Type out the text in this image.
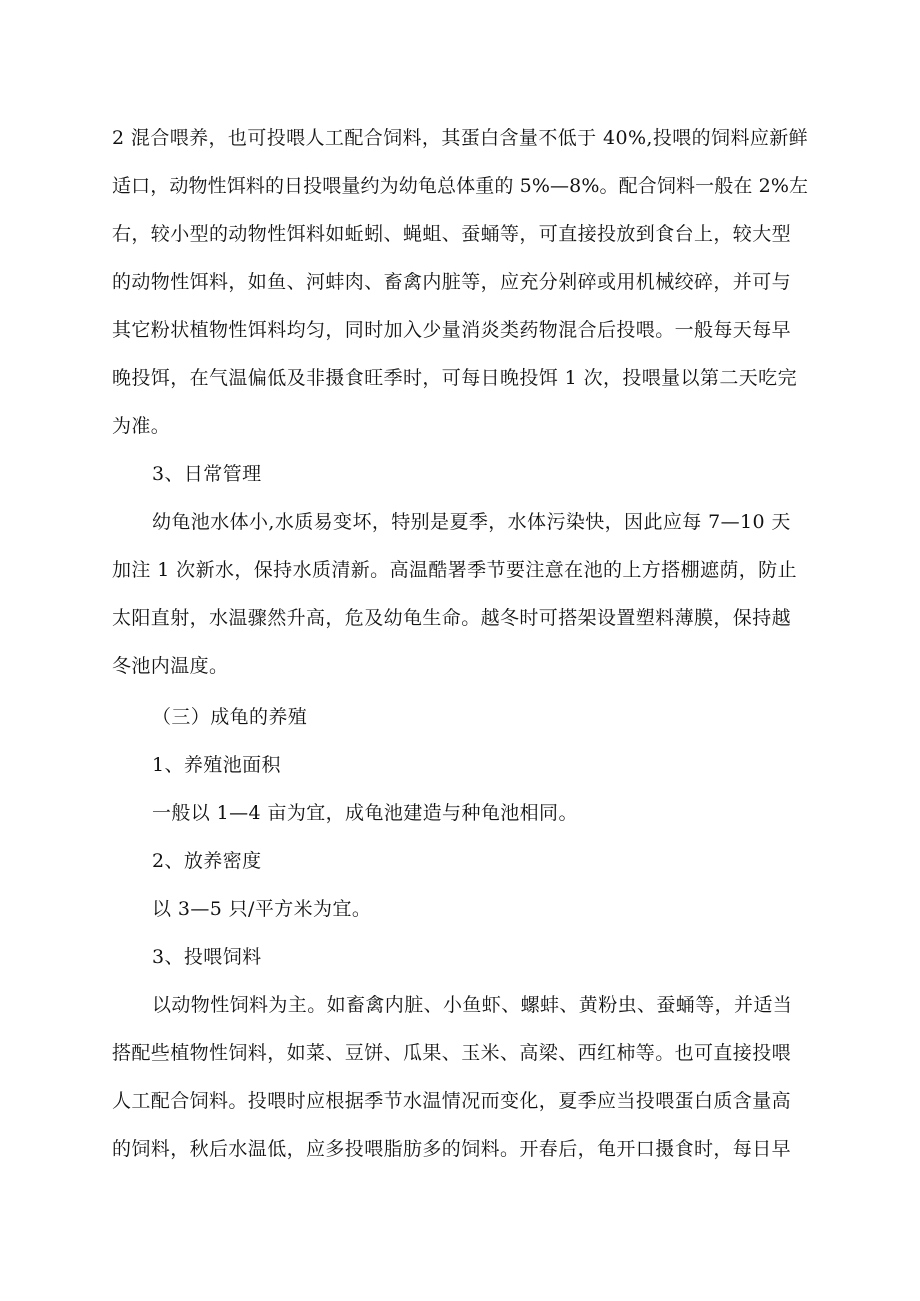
2 混合喂养，也可投喂人工配合饲料，其蛋白含量不低于 40%,投喂的饲料应新鲜
适口，动物性饵料的日投喂量约为幼龟总体重的 5%—8%。配合饲料一般在 2%左
右，较小型的动物性饵料如蚯蚓、蝇蛆、蚕蛹等，可直接投放到食台上，较大型
的动物性饵料，如鱼、河蚌肉、畜禽内脏等，应充分剁碎或用机械绞碎，并可与
其它粉状植物性饵料均匀，同时加入少量消炎类药物混合后投喂。一般每天每早
晚投饵，在气温偏低及非摄食旺季时，可每日晚投饵 1 次，投喂量以第二天吃完
为准。
3、日常管理
幼龟池水体小,水质易变坏，特别是夏季，水体污染快，因此应每 7—10 天
加注 1 次新水，保持水质清新。高温酷署季节要注意在池的上方搭棚遮荫，防止
太阳直射，水温骤然升高，危及幼龟生命。越冬时可搭架设置塑料薄膜，保持越
冬池内温度。
（三）成龟的养殖
1、养殖池面积
一般以 1—4 亩为宜，成龟池建造与种龟池相同。
2、放养密度
以 3—5 只/平方米为宜。
3、投喂饲料
以动物性饲料为主。如畜禽内脏、小鱼虾、螺蚌、黄粉虫、蚕蛹等，并适当
搭配些植物性饲料，如菜、豆饼、瓜果、玉米、高梁、西红柿等。也可直接投喂
人工配合饲料。投喂时应根据季节水温情况而变化，夏季应当投喂蛋白质含量高
的饲料，秋后水温低，应多投喂脂肪多的饲料。开春后，龟开口摄食时，每日早
